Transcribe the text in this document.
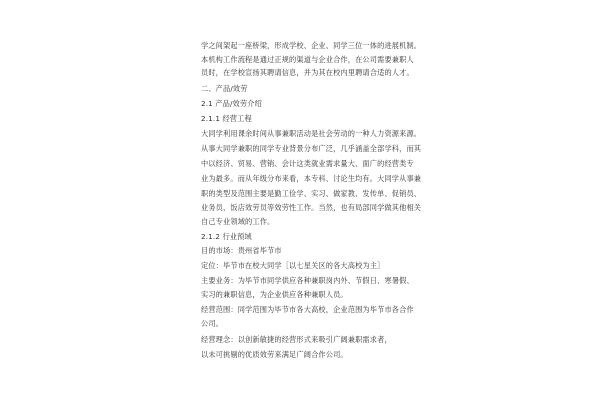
学之间架起一座桥梁，形成学校、企业、同学三位一体的进展机制。
本机构工作流程是通过正规的渠道与企业合作，在公司需要兼职人
员时，在学校宣扬其聘请信息，并为其在校内里聘请合适的人才。
二、产品/效劳
2.1 产品/效劳介绍
2.1.1 经营工程
大同学利用课余时间从事兼职活动是社会劳动的一种人力资源来源。
从事大同学兼职的同学专业背景分布广泛，几乎涵盖全部学科，而其
中以经济、贸易、营销、会计这类就业需求量大、面广的经营类专
业为最多。而从年级分布来看，本专科、讨论生均有。大同学从事兼
职的类型及范围主要是勤工俭学、实习、做家教、发传单、促销员、
业务员、饭店效劳员等效劳性工作。当然，也有局部同学做其他相关
自己专业领域的工作。
2.1.2 行业预域
目的市场：贵州省毕节市
定位：毕节市在校大同学［以七星关区的各大高校为主］
主要业务：为毕节市同学供应各种兼职岗内外、节假日、寒暑假、
实习的兼职信息，为企业供应各种兼职人员。
经营范围：同学范围为毕节市各大高校，企业范围为毕节市各合作
公司。
经营理念：以创新敏捷的经营形式来吸引广阔兼职需求者，
以未可挑剔的优质效劳来满足广阔合作公司。
